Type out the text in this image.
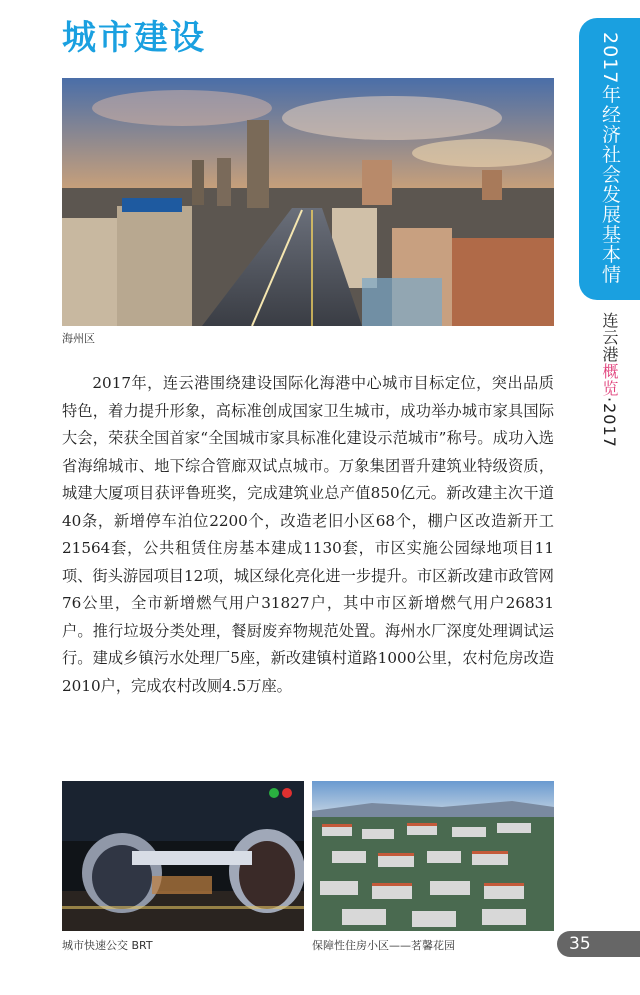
城市建设	2017年经济社会发展基本情况
连云港概览·2017
海州区
2017年，连云港围绕建设国际化海港中心城市目标定位，突出品质特色，着力提升形象，高标准创成国家卫生城市，成功举办城市家具国际大会，荣获全国首家“全国城市家具标准化建设示范城市”称号。成功入选省海绵城市、地下综合管廊双试点城市。万象集团晋升建筑业特级资质，城建大厦项目获评鲁班奖，完成建筑业总产值850亿元。新改建主次干道40条，新增停车泊位2200个，改造老旧小区68个，棚户区改造新开工21564套，公共租赁住房基本建成1130套，市区实施公园绿地项目11项、街头游园项目12项，城区绿化亮化进一步提升。市区新改建市政管网76公里，全市新增燃气用户31827户，其中市区新增燃气用户26831户。推行垃圾分类处理，餐厨废弃物规范处置。海州水厂深度处理调试运行。建成乡镇污水处理厂5座，新改建镇村道路1000公里，农村危房改造2010户，完成农村改厕4.5万座。
城市快速公交 BRT	保障性住房小区——茗馨花园	35
